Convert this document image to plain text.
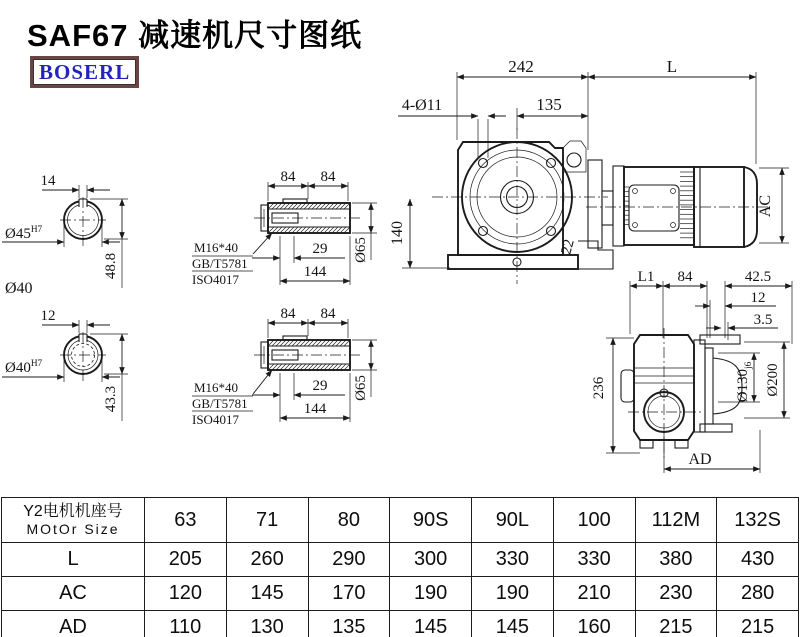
SAF67 减速机尺寸图纸
BOSERL	242	L
4-Ø11	135
140
22
AC
14
$Ø45^{H7}$
48.8
Ø40
12
$Ø40^{H7}$
43.3
84 84
29
144
Ø65
M16*40
GB/T5781
ISO4017
84 84
29
144
Ø65
M16*40
GB/T5781
ISO4017
L1 84	42.5
12
3.5
236	$Ø130_{j6}$ Ø200
AD
Y2电机机座号
MOtOr Size	63	71	80	90S	90L	100	112M	132S
L	205	260	290	300	330	330	380	430
AC	120	145	170	190	190	210	230	280
AD	110	130	135	145	145	160	215	215
